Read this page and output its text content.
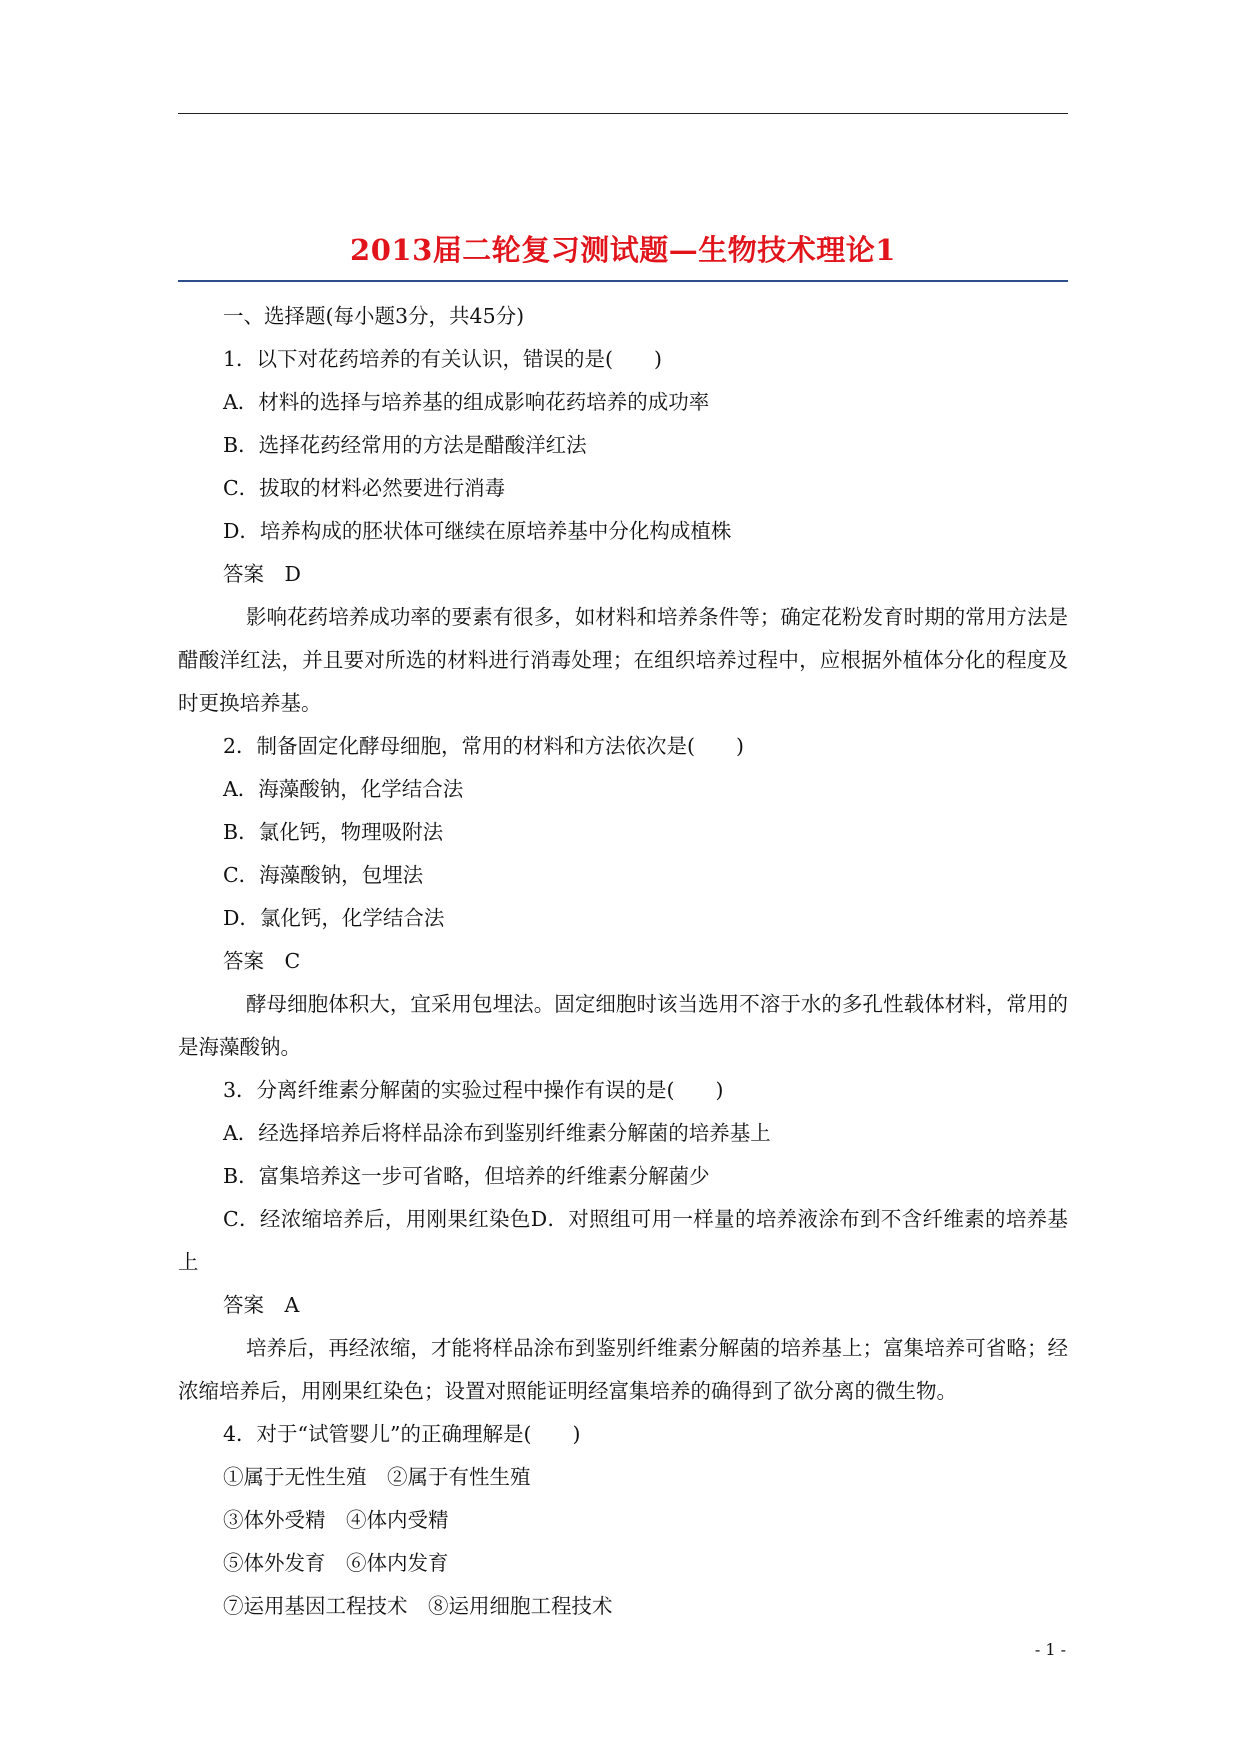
2013届二轮复习测试题—生物技术理论1
一、选择题(每小题3分，共45分)
1．以下对花药培养的有关认识，错误的是(　　)
A．材料的选择与培养基的组成影响花药培养的成功率
B．选择花药经常用的方法是醋酸洋红法
C．拔取的材料必然要进行消毒
D．培养构成的胚状体可继续在原培养基中分化构成植株
答案　D
影响花药培养成功率的要素有很多，如材料和培养条件等；确定花粉发育时期的常用方法是醋酸洋红法，并且要对所选的材料进行消毒处理；在组织培养过程中，应根据外植体分化的程度及时更换培养基。
2．制备固定化酵母细胞，常用的材料和方法依次是(　　)
A．海藻酸钠，化学结合法
B．氯化钙，物理吸附法
C．海藻酸钠，包埋法
D．氯化钙，化学结合法
答案　C
酵母细胞体积大，宜采用包埋法。固定细胞时该当选用不溶于水的多孔性载体材料，常用的是海藻酸钠。
3．分离纤维素分解菌的实验过程中操作有误的是(　　)
A．经选择培养后将样品涂布到鉴别纤维素分解菌的培养基上
B．富集培养这一步可省略，但培养的纤维素分解菌少
C．经浓缩培养后，用刚果红染色D．对照组可用一样量的培养液涂布到不含纤维素的培养基上
答案　A
培养后，再经浓缩，才能将样品涂布到鉴别纤维素分解菌的培养基上；富集培养可省略；经浓缩培养后，用刚果红染色；设置对照能证明经富集培养的确得到了欲分离的微生物。
4．对于“试管婴儿”的正确理解是(　　)
①属于无性生殖　②属于有性生殖
③体外受精　④体内受精
⑤体外发育　⑥体内发育
⑦运用基因工程技术　⑧运用细胞工程技术
- 1 -
